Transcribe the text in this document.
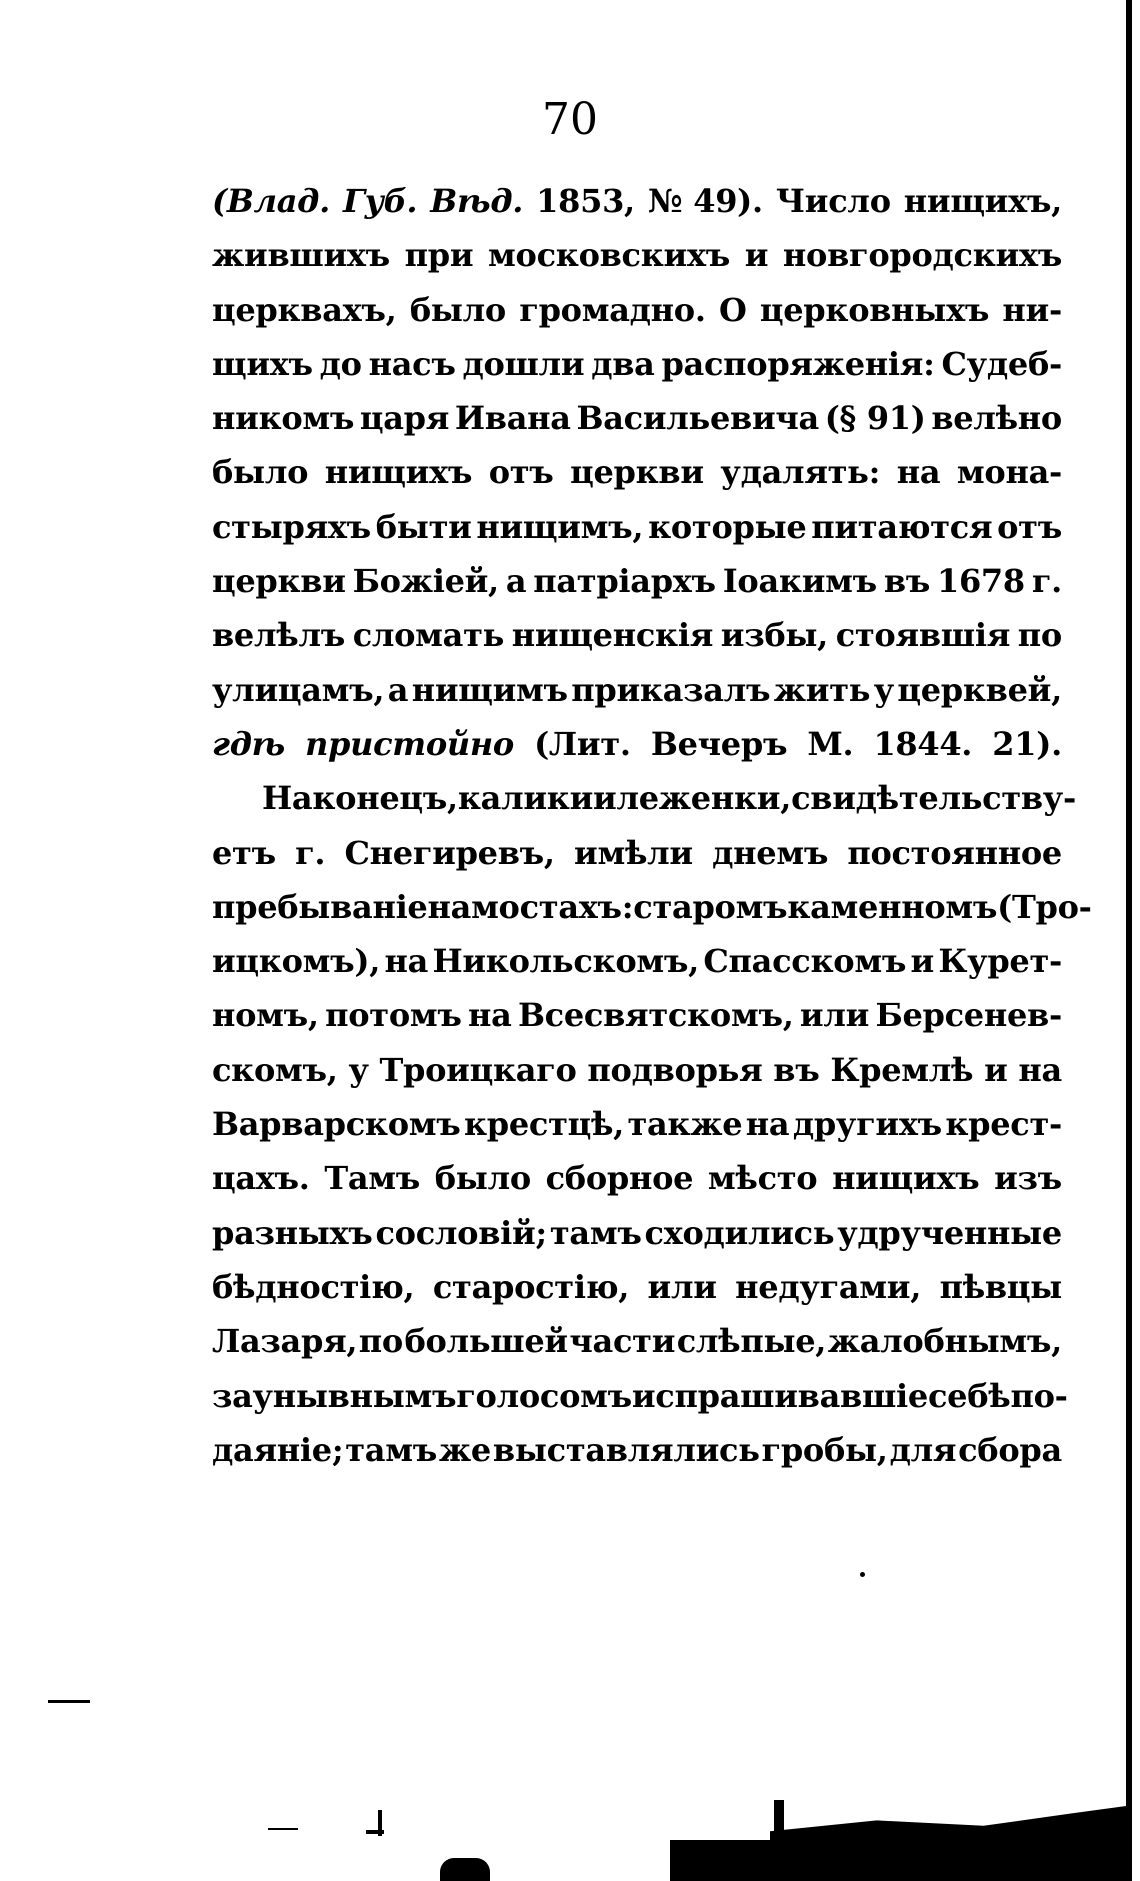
70
(Влад. Губ. Вѣд. 1853, № 49). Число нищихъ,
жившихъ при московскихъ и новгородскихъ
церквахъ, было громадно. О церковныхъ ни-
щихъ до насъ дошли два распоряженія: Судеб-
никомъ царя Ивана Васильевича (§ 91) велѣно
было нищихъ отъ церкви удалять: на мона-
стыряхъ быти нищимъ, которые питаются отъ
церкви Божіей, а патріархъ Іоакимъ въ 1678 г.
велѣлъ сломать нищенскія избы, стоявшія по
улицамъ, а нищимъ приказалъ жить у церквей,
гдѣ пристойно (Лит. Вечеръ М. 1844. 21).
Наконецъ, калики и леженки, свидѣтельству-
етъ г. Снегиревъ, имѣли днемъ постоянное
пребываніе на мостахъ: старомъ каменномъ (Тро-
ицкомъ), на Никольскомъ, Спасскомъ и Курет-
номъ, потомъ на Всесвятскомъ, или Берсенев-
скомъ, у Троицкаго подворья въ Кремлѣ и на
Варварскомъ крестцѣ, также на другихъ крест-
цахъ. Тамъ было сборное мѣсто нищихъ изъ
разныхъ сословій; тамъ сходились удрученные
бѣдностію, старостію, или недугами, пѣвцы
Лазаря, по большей части слѣпые, жалобнымъ,
заунывнымъ голосомъ испрашивавшіе себѣ по-
даяніе; тамъ же выставлялись гробы, для сбора
